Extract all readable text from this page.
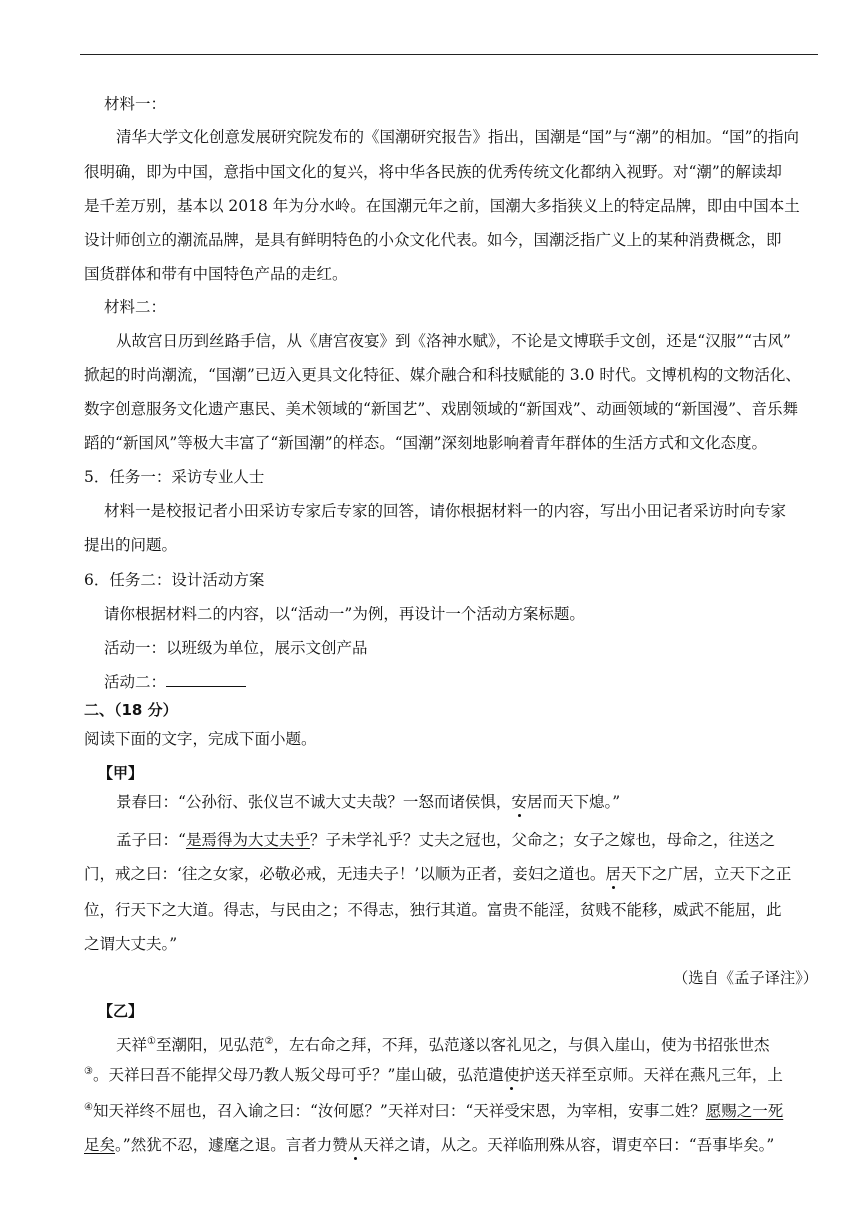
材料一：
清华大学文化创意发展研究院发布的《国潮研究报告》指出，国潮是“国”与“潮”的相加。“国”的指向
很明确，即为中国，意指中国文化的复兴，将中华各民族的优秀传统文化都纳入视野。对“潮”的解读却
是千差万别，基本以 2018 年为分水岭。在国潮元年之前，国潮大多指狭义上的特定品牌，即由中国本土
设计师创立的潮流品牌，是具有鲜明特色的小众文化代表。如今，国潮泛指广义上的某种消费概念，即
国货群体和带有中国特色产品的走红。
材料二：
从故宫日历到丝路手信，从《唐宫夜宴》到《洛神水赋》，不论是文博联手文创，还是“汉服”“古风”
掀起的时尚潮流，“国潮”已迈入更具文化特征、媒介融合和科技赋能的 3.0 时代。文博机构的文物活化、
数字创意服务文化遗产惠民、美术领域的“新国艺”、戏剧领域的“新国戏”、动画领域的“新国漫”、音乐舞
蹈的“新国风”等极大丰富了“新国潮”的样态。“国潮”深刻地影响着青年群体的生活方式和文化态度。
5．任务一：采访专业人士
材料一是校报记者小田采访专家后专家的回答，请你根据材料一的内容，写出小田记者采访时向专家
提出的问题。
6．任务二：设计活动方案
请你根据材料二的内容，以“活动一”为例，再设计一个活动方案标题。
活动一：以班级为单位，展示文创产品
活动二：
二、（18 分）
阅读下面的文字，完成下面小题。
【甲】
景春曰：“公孙衍、张仪岂不诚大丈夫哉？一怒而诸侯惧，安居而天下熄。”
孟子曰：“是焉得为大丈夫乎？子未学礼乎？丈夫之冠也，父命之；女子之嫁也，母命之，往送之
门，戒之曰：‘往之女家，必敬必戒，无违夫子！’以顺为正者，妾妇之道也。居天下之广居，立天下之正
位，行天下之大道。得志，与民由之；不得志，独行其道。富贵不能淫，贫贱不能移，威武不能屈，此
之谓大丈夫。”
（选自《孟子译注》）
【乙】
天祥①至潮阳，见弘范②，左右命之拜，不拜，弘范遂以客礼见之，与俱入崖山，使为书招张世杰
③。天祥曰吾不能捍父母乃教人叛父母可乎？”崖山破，弘范遣使护送天祥至京师。天祥在燕凡三年，上
④知天祥终不屈也，召入谕之曰：“汝何愿？”天祥对曰：“天祥受宋恩，为宰相，安事二姓？愿赐之一死
足矣。”然犹不忍，遽麾之退。言者力赞从天祥之请，从之。天祥临刑殊从容，谓吏卒曰：“吾事毕矣。”
